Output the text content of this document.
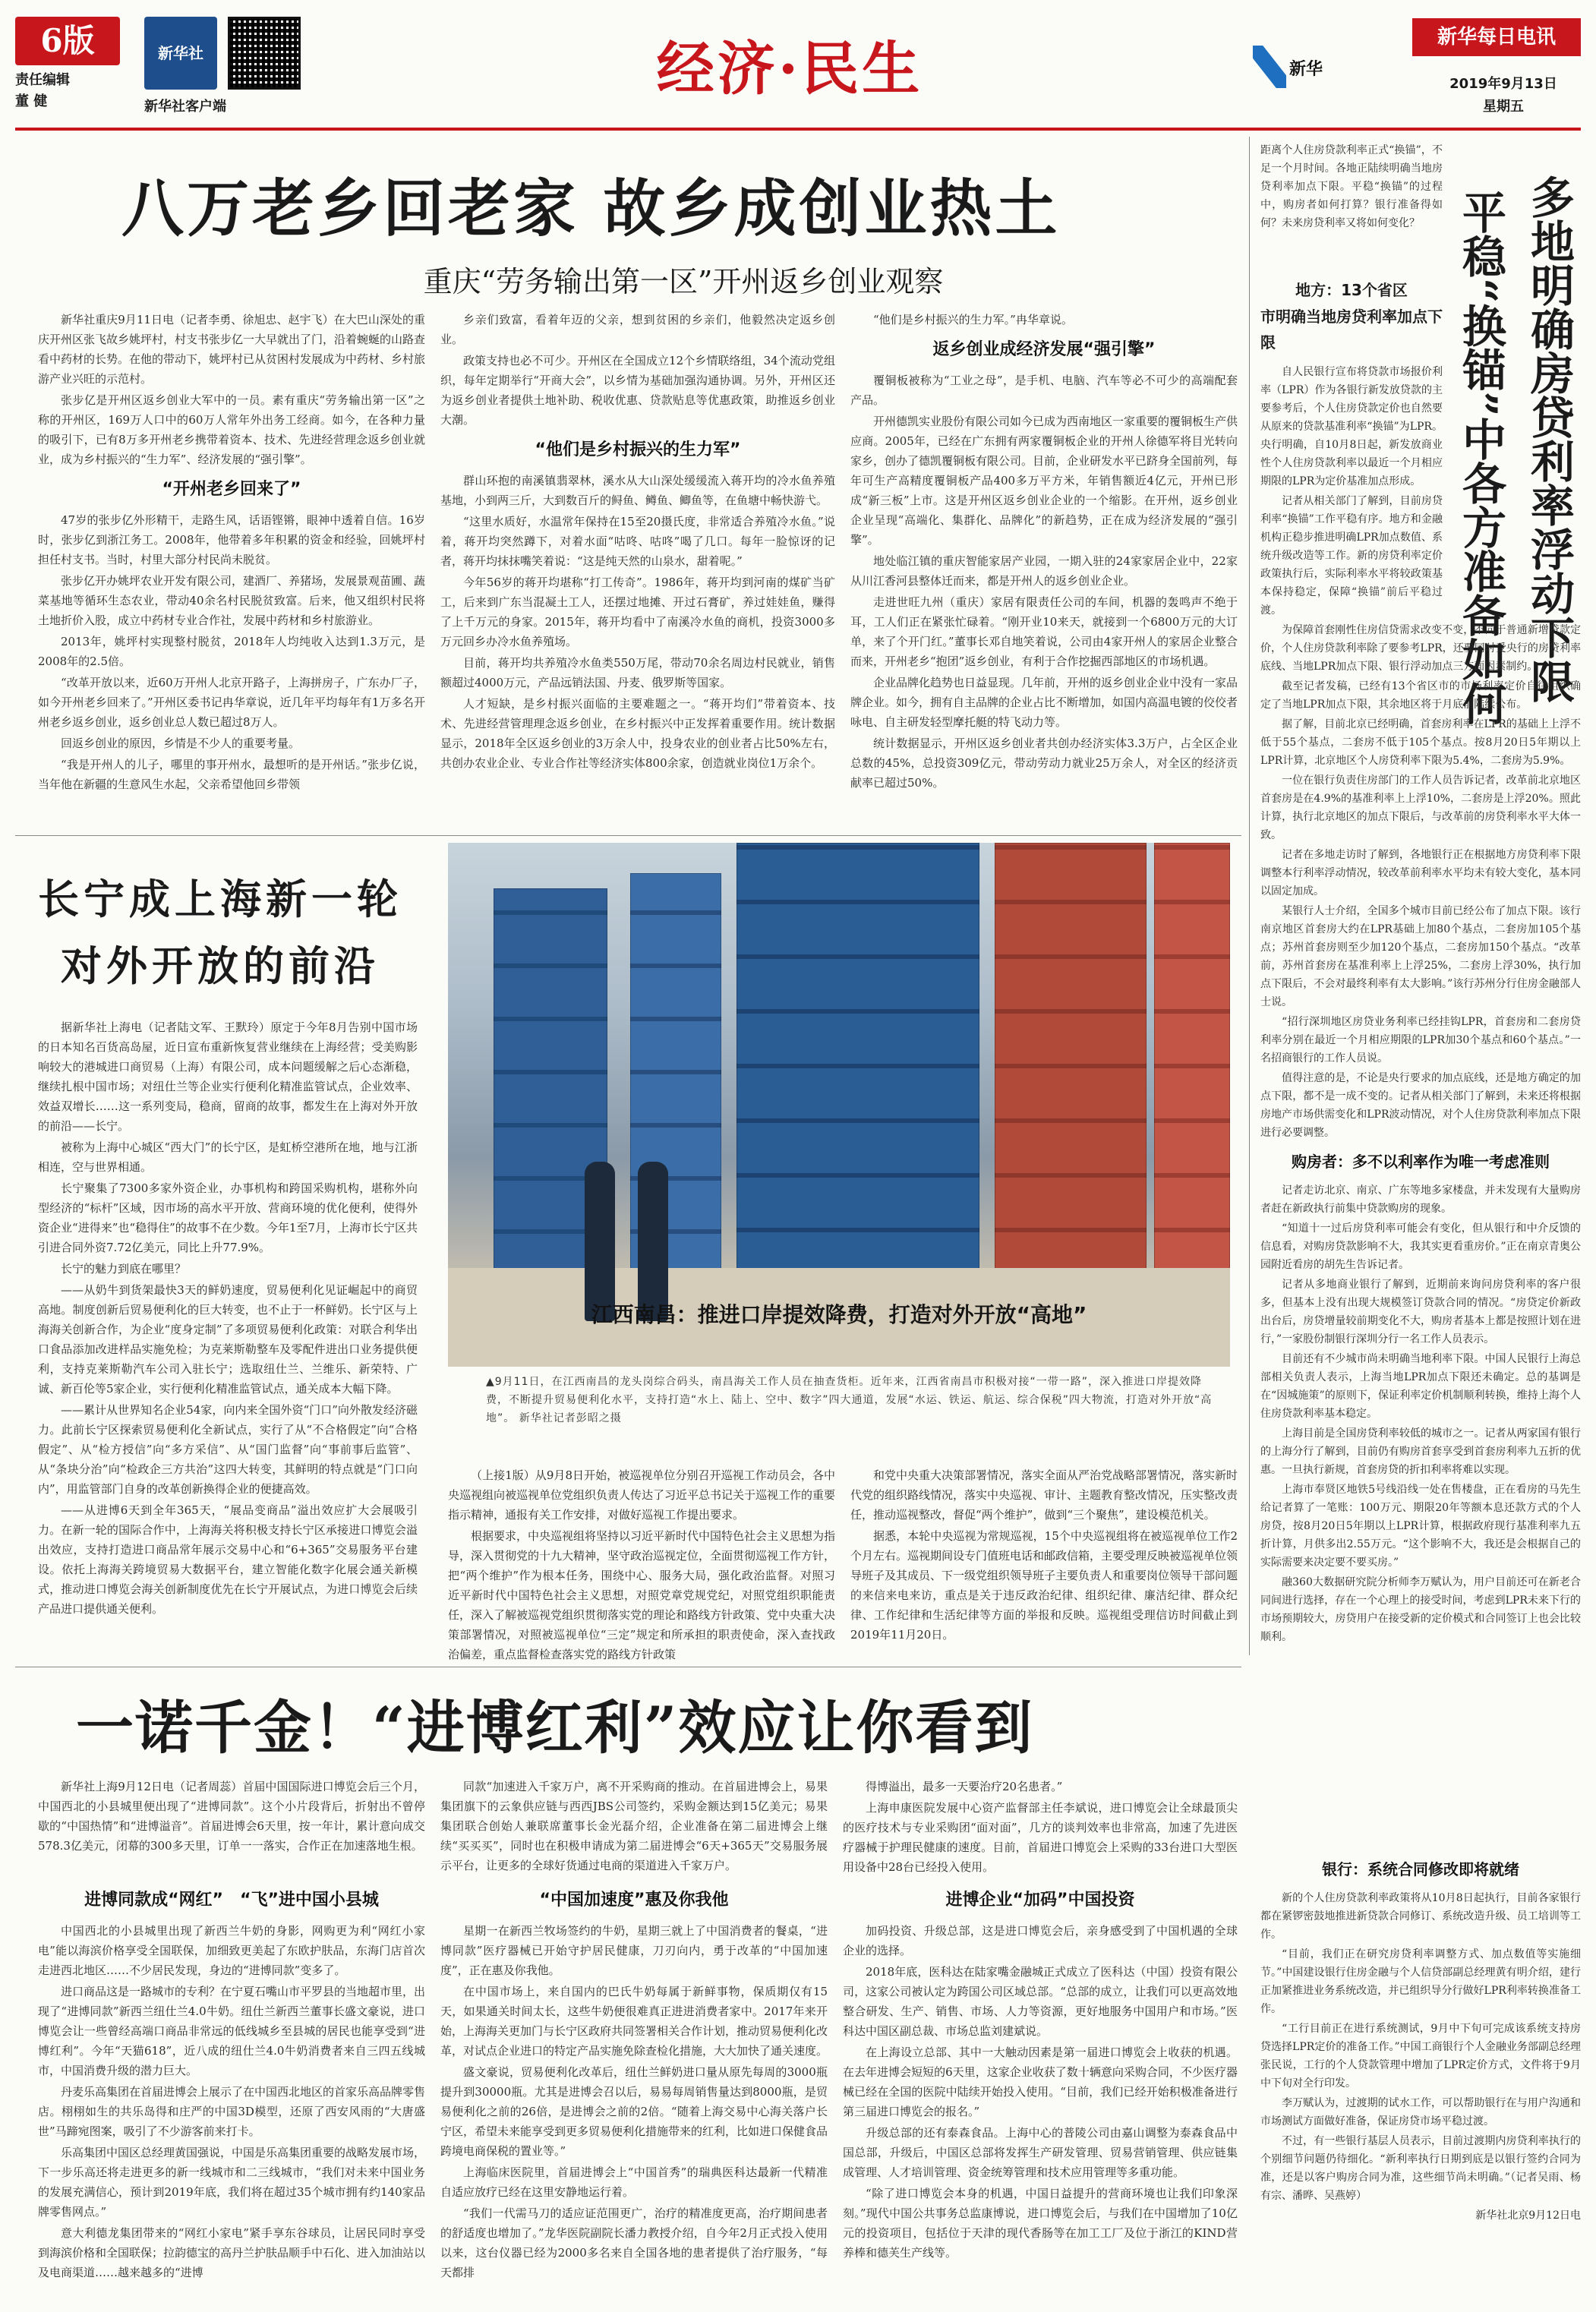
6版
责任编辑
董 健
新华社
新华社客户端
经济·民生	新华
新华每日电讯
2019年9月13日
星期五
八万老乡回老家 故乡成创业热土
重庆“劳务输出第一区”开州返乡创业观察

新华社重庆9月11日电（记者李勇、徐旭忠、赵宇飞）在大巴山深处的重庆开州区张飞故乡姚坪村，村支书张步亿一大早就出了门，沿着蜿蜒的山路查看中药材的长势。在他的带动下，姚坪村已从贫困村发展成为中药材、乡村旅游产业兴旺的示范村。

张步亿是开州区返乡创业大军中的一员。素有重庆“劳务输出第一区”之称的开州区，169万人口中的60万人常年外出务工经商。如今，在各种力量的吸引下，已有8万多开州老乡携带着资本、技术、先进经营理念返乡创业就业，成为乡村振兴的“生力军”、经济发展的“强引擎”。

“开州老乡回来了”

47岁的张步亿外形精干，走路生风，话语铿锵，眼神中透着自信。16岁时，张步亿到浙江务工。2008年，他带着多年积累的资金和经验，回姚坪村担任村支书。当时，村里大部分村民尚未脱贫。

张步亿开办姚坪农业开发有限公司，建酒厂、养猪场，发展景观苗圃、蔬菜基地等循环生态农业，带动40余名村民脱贫致富。后来，他又组织村民将土地折价入股，成立中药材专业合作社，发展中药材和乡村旅游业。

2013年，姚坪村实现整村脱贫，2018年人均纯收入达到1.3万元，是2008年的2.5倍。

“改革开放以来，近60万开州人北京开路子，上海拼房子，广东办厂子，如今开州老乡回来了。”开州区委书记冉华章说，近几年平均每年有1万多名开州老乡返乡创业，返乡创业总人数已超过8万人。

回返乡创业的原因，乡情是不少人的重要考量。

“我是开州人的儿子，哪里的事开州水，最想听的是开州话。”张步亿说，当年他在新疆的生意风生水起，父亲希望他回乡带领

乡亲们致富，看着年迈的父亲，想到贫困的乡亲们，他毅然决定返乡创业。

政策支持也必不可少。开州区在全国成立12个乡情联络组，34个流动党组织，每年定期举行“开商大会”，以乡情为基础加强沟通协调。另外，开州区还为返乡创业者提供土地补助、税收优惠、贷款贴息等优惠政策，助推返乡创业大潮。

“他们是乡村振兴的生力军”

群山环抱的南溪镇翡翠林，溪水从大山深处缓缓流入蒋开均的冷水鱼养殖基地，小到两三斤，大到数百斤的鲟鱼、鳟鱼、鲫鱼等，在鱼塘中畅快游弋。

“这里水质好，水温常年保持在15至20摄氏度，非常适合养殖冷水鱼。”说着，蒋开均突然蹲下，对着水面“咕咚、咕咚”喝了几口。每年一脸惊讶的记者，蒋开均抹抹嘴笑着说：“这是纯天然的山泉水，甜着呢。”

今年56岁的蒋开均堪称“打工传奇”。1986年，蒋开均到河南的煤矿当矿工，后来到广东当混凝土工人，还摆过地摊、开过石膏矿，养过娃娃鱼，赚得了上千万元的身家。2015年，蒋开均看中了南溪冷水鱼的商机，投资3000多万元回乡办冷水鱼养殖场。

目前，蒋开均共养殖冷水鱼类550万尾，带动70余名周边村民就业，销售额超过4000万元，产品远销法国、丹麦、俄罗斯等国家。

人才短缺，是乡村振兴面临的主要难题之一。“蒋开均们”带着资本、技术、先进经营管理理念返乡创业，在乡村振兴中正发挥着重要作用。统计数据显示，2018年全区返乡创业的3万余人中，投身农业的创业者占比50%左右，共创办农业企业、专业合作社等经济实体800余家，创造就业岗位1万余个。

“他们是乡村振兴的生力军。”冉华章说。

返乡创业成经济发展“强引擎”

覆铜板被称为“工业之母”，是手机、电脑、汽车等必不可少的高端配套产品。

开州德凯实业股份有限公司如今已成为西南地区一家重要的覆铜板生产供应商。2005年，已经在广东拥有两家覆铜板企业的开州人徐德军将目光转向家乡，创办了德凯覆铜板有限公司。目前，企业研发水平已跻身全国前列，每年可生产高精度覆铜板产品400多万平方米，年销售额近4亿元，开州已形成“新三板”上市。这是开州区返乡创业企业的一个缩影。在开州，返乡创业企业呈现“高端化、集群化、品牌化”的新趋势，正在成为经济发展的“强引擎”。

地处临江镇的重庆智能家居产业园，一期入驻的24家家居企业中，22家从川江香河县整体迁而来，都是开州人的返乡创业企业。

走进世旺九州（重庆）家居有限责任公司的车间，机器的轰鸣声不绝于耳，工人们正在紧张忙碌着。“刚开业10来天，就接到一个6800万元的大订单，来了个开门红。”董事长邓自地笑着说，公司由4家开州人的家居企业整合而来，开州老乡“抱团”返乡创业，有利于合作挖掘西部地区的市场机遇。

企业品牌化趋势也日益显现。几年前，开州的返乡创业企业中没有一家品牌企业。如今，拥有自主品牌的企业占比不断增加，如国内高温电镀的佼佼者咏电、自主研发轻型摩托艇的特飞动力等。

统计数据显示，开州区返乡创业者共创办经济实体3.3万户，占全区企业总数的45%，总投资309亿元，带动劳动力就业25万余人，对全区的经济贡献率已超过50%。

长宁成上海新一轮
对外开放的前沿

据新华社上海电（记者陆文军、王默玲）原定于今年8月告别中国市场的日本知名百货高岛屋，近日宣布重新恢复营业继续在上海经营；受美购影响较大的港城进口商贸易（上海）有限公司，成本问题缓解之后心态渐稳，继续扎根中国市场；对纽仕兰等企业实行便利化精准监管试点，企业效率、效益双增长……这一系列变局，稳商，留商的故事，都发生在上海对外开放的前沿——长宁。

被称为上海中心城区“西大门”的长宁区，是虹桥空港所在地，地与江浙相连，空与世界相通。

长宁聚集了7300多家外资企业，办事机构和跨国采购机构，堪称外向型经济的“标杆”区域，因市场的高水平开放、营商环境的优化便利，使得外资企业“进得来”也“稳得住”的故事不在少数。今年1至7月，上海市长宁区共引进合同外资7.72亿美元，同比上升77.9%。

长宁的魅力到底在哪里？

——从奶牛到货架最快3天的鲜奶速度，贸易便利化见证崛起中的商贸高地。制度创新后贸易便利化的巨大转变，也不止于一杯鲜奶。长宁区与上海海关创新合作，为企业“度身定制”了多项贸易便利化政策：对联合利华出口食品添加改进样品实施免检；为克莱斯勒整车及零配件进出口业务提供便利，支持克莱斯勒汽车公司入驻长宁；选取纽仕兰、兰维乐、新荣特、广诚、新百伦等5家企业，实行便利化精准监管试点，通关成本大幅下降。

——累计从世界知名企业54家，向内来全国外资“门口”向外散发经济磁力。此前长宁区探索贸易便利化全新试点，实行了从“不合格假定”向“合格假定”、从“检方授信”向“多方采信”、从“国门监督”向“事前事后监管”、从“条块分治”向“检政企三方共治”这四大转变，其鲜明的特点就是“门口向内”，用监管部门自身的改革创新换得企业的便捷高效。

——从进博6天到全年365天，“展品变商品”溢出效应扩大会展吸引力。在新一轮的国际合作中，上海海关将积极支持长宁区承接进口博览会溢出效应，支持打造进口商品常年展示交易中心和“6+365”交易服务平台建设。依托上海海关跨境贸易大数据平台，建立智能化数字化展会通关新模式，推动进口博览会海关创新制度优先在长宁开展试点，为进口博览会后续产品进口提供通关便利。

江西南昌：推进口岸提效降费，打造对外开放“高地”
▲9月11日，在江西南昌的龙头岗综合码头，南昌海关工作人员在抽查货柜。近年来，江西省南昌市积极对接“一带一路”，深入推进口岸提效降费，不断提升贸易便利化水平，支持打造“水上、陆上、空中、数字”四大通道，发展“水运、铁运、航运、综合保税”四大物流，打造对外开放“高地”。 新华社记者彭昭之摄

（上接1版）从9月8日开始，被巡视单位分别召开巡视工作动员会，各中央巡视组向被巡视单位党组织负责人传达了习近平总书记关于巡视工作的重要指示精神，通报有关工作安排，对做好巡视工作提出要求。

根据要求，中央巡视组将坚持以习近平新时代中国特色社会主义思想为指导，深入贯彻党的十九大精神，坚守政治巡视定位，全面贯彻巡视工作方针，把“两个维护”作为根本任务，围绕中心、服务大局，强化政治监督。对照习近平新时代中国特色社会主义思想，对照党章党规党纪，对照党组织职能责任，深入了解被巡视党组织贯彻落实党的理论和路线方针政策、党中央重大决策部署情况，对照被巡视单位“三定”规定和所承担的职责使命，深入查找政治偏差，重点监督检查落实党的路线方针政策

和党中央重大决策部署情况，落实全面从严治党战略部署情况，落实新时代党的组织路线情况，落实中央巡视、审计、主题教育整改情况，压实整改责任，推动巡视整改，督促“两个维护”，做到“三个聚焦”，建设模范机关。

据悉，本轮中央巡视为常规巡视，15个中央巡视组将在被巡视单位工作2个月左右。巡视期间设专门值班电话和邮政信箱，主要受理反映被巡视单位领导班子及其成员、下一级党组织领导班子主要负责人和重要岗位领导干部问题的来信来电来访，重点是关于违反政治纪律、组织纪律、廉洁纪律、群众纪律、工作纪律和生活纪律等方面的举报和反映。巡视组受理信访时间截止到2019年11月20日。

多地明确房贷利率浮动下限
平稳“换锚”中各方准备如何
距离个人住房贷款利率正式“换锚”，不足一个月时间。各地正陆续明确当地房贷利率加点下限。平稳“换锚”的过程中，购房者如何打算？银行准备得如何？未来房贷利率又将如何变化？
地方：13个省区
市明确当地房贷利率加点下限

自人民银行宣布将贷款市场报价利率（LPR）作为各银行新发放贷款的主要参考后，个人住房贷款定价也自然要从原来的贷款基准利率“换锚”为LPR。央行明确，自10月8日起，新发放商业性个人住房贷款利率以最近一个月相应期限的LPR为定价基准加点形成。

记者从相关部门了解到，目前房贷利率“换锚”工作平稳有序。地方和金融机构正稳步推进明确LPR加点数值、系统升级改造等工作。新的房贷利率定价政策执行后，实际利率水平将较政策基本保持稳定，保障“换锚”前后平稳过渡。

为保障首套刚性住房信贷需求改变不变，不同于普通新增贷款定价，个人住房贷款利率除了要参考LPR，还要同时受央行的房贷利率底线、当地LPR加点下限、银行浮动加点三方面因素制约。

截至记者发稿，已经有13个省区市的市场利率定价自律组织确定了当地LPR加点下限，其余地区将于月底前陆续公布。

据了解，目前北京已经明确，首套房利率在LPR的基础上上浮不低于55个基点，二套房不低于105个基点。按8月20日5年期以上LPR计算，北京地区个人房贷利率下限为5.4%，二套房为5.9%。

一位在银行负责住房部门的工作人员告诉记者，改革前北京地区首套房是在4.9%的基准利率上上浮10%，二套房是上浮20%。照此计算，执行北京地区的加点下限后，与改革前的房贷利率水平大体一致。

记者在多地走访时了解到，各地银行正在根据地方房贷利率下限调整本行利率浮动情况，较改革前利率水平均未有较大变化，基本同以固定加成。

某银行人士介绍，全国多个城市目前已经公布了加点下限。该行南京地区首套房大约在LPR基础上加80个基点，二套房加105个基点；苏州首套房则至少加120个基点，二套房加150个基点。“改革前，苏州首套房在基准利率上上浮25%，二套房上浮30%，执行加点下限后，不会对最终利率有太大影响。”该行苏州分行住房金融部人士说。

“招行深圳地区房贷业务利率已经挂钩LPR，首套房和二套房贷利率分别在最近一个月相应期限的LPR加30个基点和60个基点。”一名招商银行的工作人员说。

值得注意的是，不论是央行要求的加点底线，还是地方确定的加点下限，都不是一成不变的。记者从相关部门了解到，未来还将根据房地产市场供需变化和LPR波动情况，对个人住房贷款利率加点下限进行必要调整。

购房者：多不以利率作为唯一考虑准则

记者走访北京、南京、广东等地多家楼盘，并未发现有大量购房者赶在新政执行前集中贷款购房的现象。

“知道十一过后房贷利率可能会有变化，但从银行和中介反馈的信息看，对购房贷款影响不大，我其实更看重房价。”正在南京青奥公园附近看房的胡先生告诉记者。

记者从多地商业银行了解到，近期前来询问房贷利率的客户很多，但基本上没有出现大规模签订贷款合同的情况。“房贷定价新政出台后，房贷增量较前期变化不大，购房者基本上都是按照计划在进行，”一家股份制银行深圳分行一名工作人员表示。

目前还有不少城市尚未明确当地利率下限。中国人民银行上海总部相关负责人表示，上海当地LPR加点下限还未确定。总的基调是在“因城施策”的原则下，保证利率定价机制顺利转换，维持上海个人住房贷款利率基本稳定。

上海目前是全国房贷利率较低的城市之一。记者从两家国有银行的上海分行了解到，目前仍有购房首套享受到首套房利率九五折的优惠。一旦执行新规，首套房贷的折扣利率将难以实现。

上海市奉贤区地铁5号线沿线一处在售楼盘，正在看房的马先生给记者算了一笔账：100万元、期限20年等额本息还款方式的个人房贷，按8月20日5年期以上LPR计算，根据政府现行基准利率九五折计算，月供多出2.55万元。“这个影响不大，我还是会根据自己的实际需要来决定要不要买房。”

融360大数据研究院分析师李万赋认为，用户目前还可在新老合同间进行选择，存在一个心理上的接受时间，考虑到LPR未来下行的市场预期较大，房贷用户在接受新的定价模式和合同签订上也会比较顺利。

银行：系统合同修改即将就绪

新的个人住房贷款利率政策将从10月8日起执行，目前各家银行都在紧锣密鼓地推进新贷款合同修订、系统改造升级、员工培训等工作。

“目前，我们正在研究房贷利率调整方式、加点数值等实施细节。”中国建设银行住房金融与个人信贷部副总经理黄有明介绍，建行正加紧推进业务系统改造，并已组织导分行做好LPR利率转换准备工作。

“工行目前正在进行系统测试，9月中下旬可完成该系统支持房贷选择LPR定价的准备工作。”中国工商银行个人金融业务部副总经理张民说，工行的个人贷款管理中增加了LPR定价方式，文件将于9月中下旬对全行印发。

李万赋认为，过渡期的试水工作，可以帮助银行在与用户沟通和市场测试方面做好准备，保证房贷市场平稳过渡。

不过，有一些银行基层人员表示，目前过渡期内房贷利率执行的个别细节问题仍待细化。“新利率执行日期到底是以银行签约合同为准，还是以客户购房合同为准，这些细节尚未明确。”（记者吴雨、杨有宗、潘晔、吴燕婷）

新华社北京9月12日电

一诺千金！“进博红利”效应让你看到

新华社上海9月12日电（记者周蕊）首届中国国际进口博览会后三个月，中国西北的小县城里便出现了“进博同款”。这个小片段背后，折射出不曾停歇的“中国热情”和“进博溢音”。首届进博会6天里，按一年计，累计意向成交578.3亿美元，闭幕的300多天里，订单一一落实，合作正在加速落地生根。

同款“加速进入千家万户，离不开采购商的推动。在首届进博会上，易果集团旗下的云象供应链与西西JBS公司签约，采购金额达到15亿美元；易果集团联合创始人兼联席董事长金光磊介绍，企业准备在第二届进博会上继续“买买买”，同时也在积极申请成为第二届进博会“6天+365天”交易服务展示平台，让更多的全球好货通过电商的渠道进入千家万户。

得博溢出，最多一天要治疗20名患者。”

上海申康医院发展中心资产监督部主任李斌说，进口博览会让全球最顶尖的医疗技术与专业采购团“面对面”，几方的谈判效率也非常高，加速了先进医疗器械于护理民健康的速度。目前，首届进口博览会上采购的33台进口大型医用设备中28台已经投入使用。

进博同款成“网红”　“飞”进中国小县城

中国西北的小县城里出现了新西兰牛奶的身影，网购更为利“网红小家电”能以海滨价格享受全国联保，加细致更美起了东欧护肤品，东海门店首次走进西北地区……不少居民发现，身边的“进博同款”变多了。

进口商品这是一路城市的专利？在宁夏石嘴山市平罗县的当地超市里，出现了“进博同款”新西兰纽仕兰4.0牛奶。纽仕兰新西兰董事长盛文豪说，进口博览会让一些曾经高端口商品非常远的低线城乡至县城的居民也能享受到“进博红利”。今年“天猫618”，近八成的纽仕兰4.0牛奶消费者来自三四五线城市，中国消费升级的潜力巨大。

丹麦乐高集团在首届进博会上展示了在中国西北地区的首家乐高品牌零售店。栩栩如生的共乐岛得和庄严的中国3D模型，还原了西安风雨的“大唐盛世”马蹄宛图案，吸引了不少游客前来打卡。

乐高集团中国区总经理黄国强说，中国是乐高集团重要的战略发展市场，下一步乐高还将走进更多的新一线城市和二三线城市，“我们对未来中国业务的发展充满信心，预计到2019年底，我们将在超过35个城市拥有约140家品牌零售网点。”

意大利德龙集团带来的“网红小家电”紧手享东谷球员，让居民同时享受到海滨价格和全国联保；拉韵德宝的高丹兰护肤品顺手中石化、进入加油站以及电商渠道……越来越多的“进博

“中国加速度”惠及你我他

星期一在新西兰牧场签约的牛奶，星期三就上了中国消费者的餐桌，“进博同款”医疗器械已开始守护居民健康，刀刃向内，勇于改革的“中国加速度”，正在惠及你我他。

在中国市场上，来自国内的巴氏牛奶每属于新鲜事物，保质期仅有15天，如果通关时间太长，这些牛奶便很难真正进进消费者家中。2017年来开始，上海海关更加门与长宁区政府共同签署相关合作计划，推动贸易便利化改革，对试点企业进口的特定产品实施免除查检化措施，大大加快了通关速度。

盛文豪说，贸易便利化改革后，纽仕兰鲜奶进口量从原先每周的3000瓶提升到30000瓶。尤其是进博会召以后，易易每周销售量达到8000瓶，是贸易便利化之前的26倍，是进博会之前的2倍。“随着上海交易中心海关落户长宁区，希望未来能享受到更多贸易便利化措施带来的红利，比如进口保健食品跨境电商保税的置业等。”

上海临床医院里，首届进博会上“中国首秀”的瑞典医科达最新一代精准自适应放疗已经在这里安静地运行着。

“我们一代需马刀的适应证范围更广，治疗的精准度更高，治疗期间患者的舒适度也增加了。”龙华医院副院长潘力教授介绍，自今年2月正式投入使用以来，这台仪器已经为2000多名来自全国各地的患者提供了治疗服务，“每天都排

进博企业“加码”中国投资

加码投资、升级总部，这是进口博览会后，亲身感受到了中国机遇的全球企业的选择。

2018年底，医科达在陆家嘴金融城正式成立了医科达（中国）投资有限公司，这家公司被认定为跨国公司区域总部。“总部的成立，让我们可以更高效地整合研发、生产、销售、市场、人力等资源，更好地服务中国用户和市场。”医科达中国区副总裁、市场总监刘建斌说。

在上海设立总部、其中一大触动因素是第一届进口博览会上收获的机遇。在去年进博会短短的6天里，这家企业收获了数十辆意向采购合同，不少医疗器械已经在全国的医院中陆续开始投入使用。“目前，我们已经开始积极准备进行第三届进口博览会的报名。”

升级总部的还有泰森食品。上海中心的普陵公司由嘉山调整为泰森食品中国总部，升级后，中国区总部将发挥生产研发管理、贸易营销管理、供应链集成管理、人才培训管理、资金统筹管理和技术应用管理等多重功能。

“除了进口博览会本身的机遇，中国日益提升的营商环境也让我们印象深刻。”现代中国公共事务总监康博说，进口博览会后，与我们在中国增加了10亿元的投资项目，包括位于天津的现代香肠等在加工工厂及位于浙江的KIND营养棒和德芙生产线等。
